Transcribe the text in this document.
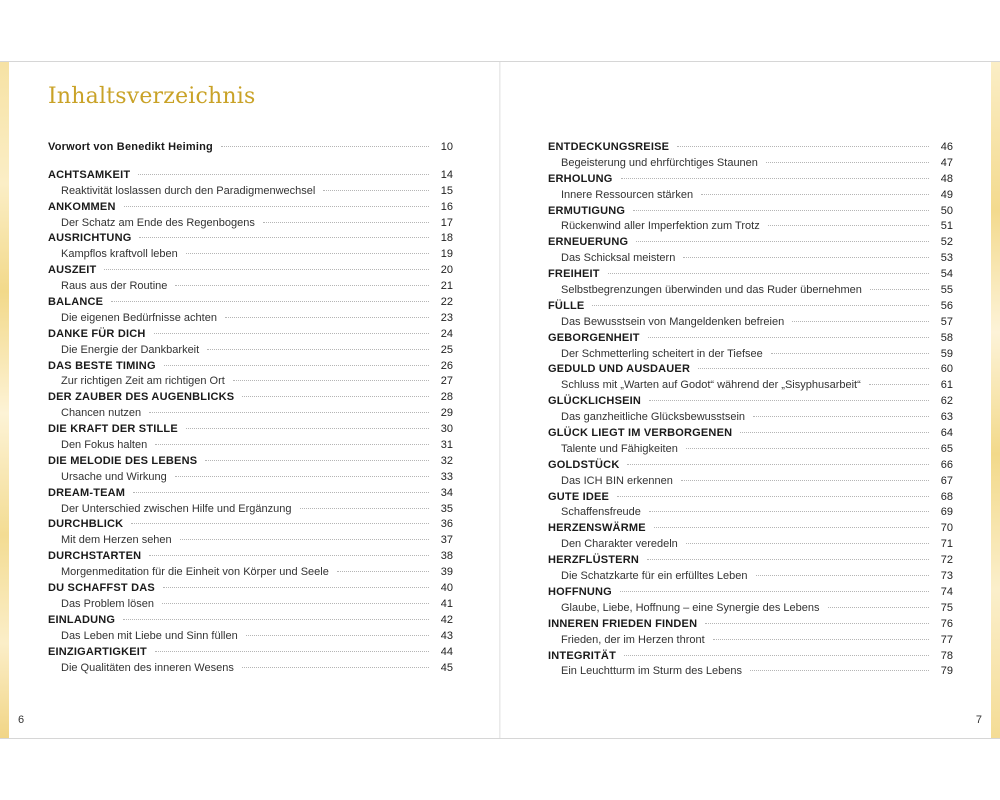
Inhaltsverzeichnis
Vorwort von Benedikt Heiming	10
ACHTSAMKEIT	14
Reaktivität loslassen durch den Paradigmenwechsel	15
ANKOMMEN	16
Der Schatz am Ende des Regenbogens	17
AUSRICHTUNG	18
Kampflos kraftvoll leben	19
AUSZEIT	20
Raus aus der Routine	21
BALANCE	22
Die eigenen Bedürfnisse achten	23
DANKE FÜR DICH	24
Die Energie der Dankbarkeit	25
DAS BESTE TIMING	26
Zur richtigen Zeit am richtigen Ort	27
DER ZAUBER DES AUGENBLICKS	28
Chancen nutzen	29
DIE KRAFT DER STILLE	30
Den Fokus halten	31
DIE MELODIE DES LEBENS	32
Ursache und Wirkung	33
DREAM-TEAM	34
Der Unterschied zwischen Hilfe und Ergänzung	35
DURCHBLICK	36
Mit dem Herzen sehen	37
DURCHSTARTEN	38
Morgenmeditation für die Einheit von Körper und Seele	39
DU SCHAFFST DAS	40
Das Problem lösen	41
EINLADUNG	42
Das Leben mit Liebe und Sinn füllen	43
EINZIGARTIGKEIT	44
Die Qualitäten des inneren Wesens	45
ENTDECKUNGSREISE	46
Begeisterung und ehrfürchtiges Staunen	47
ERHOLUNG	48
Innere Ressourcen stärken	49
ERMUTIGUNG	50
Rückenwind aller Imperfektion zum Trotz	51
ERNEUERUNG	52
Das Schicksal meistern	53
FREIHEIT	54
Selbstbegrenzungen überwinden und das Ruder übernehmen	55
FÜLLE	56
Das Bewusstsein von Mangeldenken befreien	57
GEBORGENHEIT	58
Der Schmetterling scheitert in der Tiefsee	59
GEDULD UND AUSDAUER	60
Schluss mit „Warten auf Godot“ während der „Sisyphusarbeit“	61
GLÜCKLICHSEIN	62
Das ganzheitliche Glücksbewusstsein	63
GLÜCK LIEGT IM VERBORGENEN	64
Talente und Fähigkeiten	65
GOLDSTÜCK	66
Das ICH BIN erkennen	67
GUTE IDEE	68
Schaffensfreude	69
HERZENSWÄRME	70
Den Charakter veredeln	71
HERZFLÜSTERN	72
Die Schatzkarte für ein erfülltes Leben	73
HOFFNUNG	74
Glaube, Liebe, Hoffnung – eine Synergie des Lebens	75
INNEREN FRIEDEN FINDEN	76
Frieden, der im Herzen thront	77
INTEGRITÄT	78
Ein Leuchtturm im Sturm des Lebens	79
6	7
